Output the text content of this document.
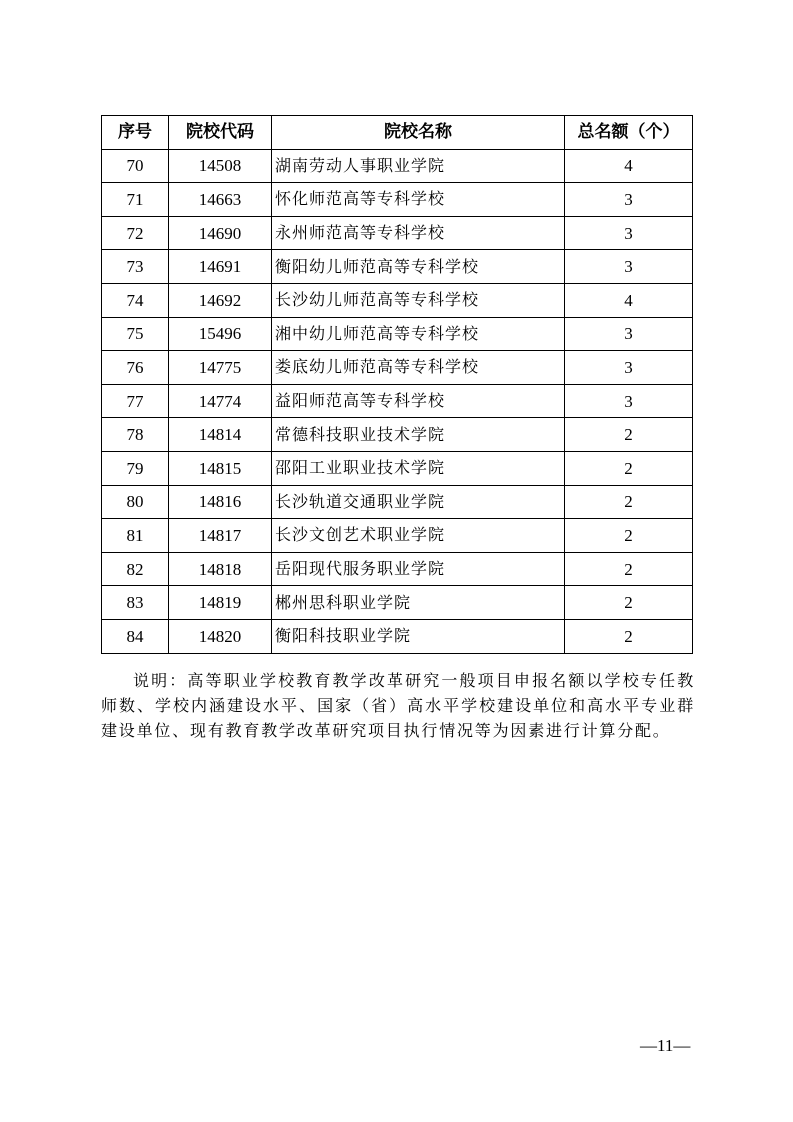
序号	院校代码	院校名称	总名额（个）
70	14508	湖南劳动人事职业学院	4
71	14663	怀化师范高等专科学校	3
72	14690	永州师范高等专科学校	3
73	14691	衡阳幼儿师范高等专科学校	3
74	14692	长沙幼儿师范高等专科学校	4
75	15496	湘中幼儿师范高等专科学校	3
76	14775	娄底幼儿师范高等专科学校	3
77	14774	益阳师范高等专科学校	3
78	14814	常德科技职业技术学院	2
79	14815	邵阳工业职业技术学院	2
80	14816	长沙轨道交通职业学院	2
81	14817	长沙文创艺术职业学院	2
82	14818	岳阳现代服务职业学院	2
83	14819	郴州思科职业学院	2
84	14820	衡阳科技职业学院	2

说明：高等职业学校教育教学改革研究一般项目申报名额以学校专任教师数、学校内涵建设水平、国家（省）高水平学校建设单位和高水平专业群建设单位、现有教育教学改革研究项目执行情况等为因素进行计算分配。

—11—
